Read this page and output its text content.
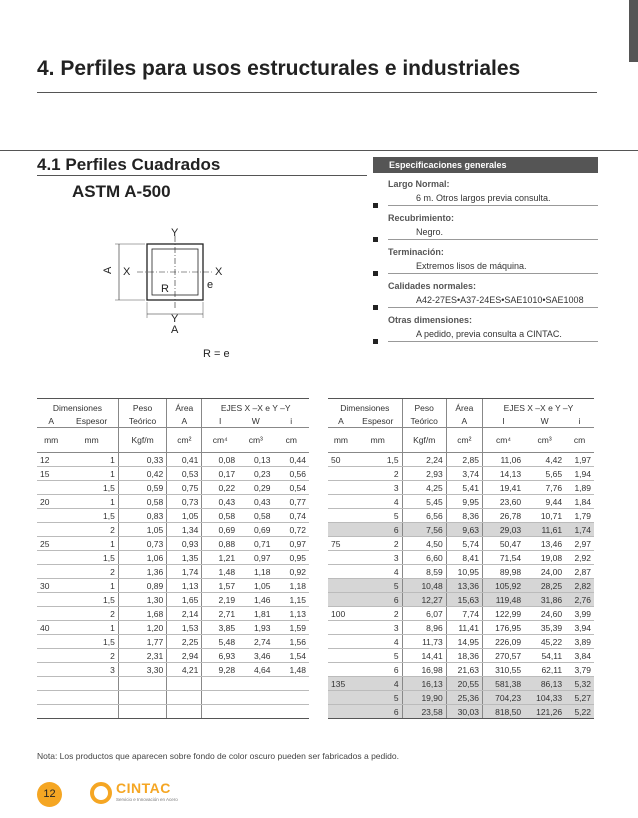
4. Perfiles para usos estructurales e industriales
4.1 Perfiles Cuadrados
ASTM A-500
Y
X	X
e
R
A
Y
A
R = e
Especificaciones generales
Largo Normal:
6 m. Otros largos previa consulta.
Recubrimiento:
Negro.
Terminación:
Extremos lisos de máquina.
Calidades normales:
A42-27ES•A37-24ES•SAE1010•SAE1008
Otras dimensiones:
A pedido, previa consulta a CINTAC.
Dimensiones		Peso	Área	EJES X –X e Y –Y		
A	Espesor	Teórico	A	I	W	i
mm	mm	Kgf/m	cm²	cm⁴	cm³	cm
12	1	0,33	0,41	0,08	0,13	0,44
15	1	0,42	0,53	0,17	0,23	0,56
	1,5	0,59	0,75	0,22	0,29	0,54
20	1	0,58	0,73	0,43	0,43	0,77
	1,5	0,83	1,05	0,58	0,58	0,74
	2	1,05	1,34	0,69	0,69	0,72
25	1	0,73	0,93	0,88	0,71	0,97
	1,5	1,06	1,35	1,21	0,97	0,95
	2	1,36	1,74	1,48	1,18	0,92
30	1	0,89	1,13	1,57	1,05	1,18
	1,5	1,30	1,65	2,19	1,46	1,15
	2	1,68	2,14	2,71	1,81	1,13
40	1	1,20	1,53	3,85	1,93	1,59
	1,5	1,77	2,25	5,48	2,74	1,56
	2	2,31	2,94	6,93	3,46	1,54
	3	3,30	4,21	9,28	4,64	1,48

Dimensiones		Peso	Área	EJES X –X e Y –Y		
A	Espesor	Teórico	A	I	W	i
mm	mm	Kgf/m	cm²	cm⁴	cm³	cm
50	1,5	2,24	2,85	11,06	4,42	1,97
	2	2,93	3,74	14,13	5,65	1,94
	3	4,25	5,41	19,41	7,76	1,89
	4	5,45	9,95	23,60	9,44	1,84
	5	6,56	8,36	26,78	10,71	1,79
	6	7,56	9,63	29,03	11,61	1,74
75	2	4,50	5,74	50,47	13,46	2,97
	3	6,60	8,41	71,54	19,08	2,92
	4	8,59	10,95	89,98	24,00	2,87
	5	10,48	13,36	105,92	28,25	2,82
	6	12,27	15,63	119,48	31,86	2,76
100	2	6,07	7,74	122,99	24,60	3,99
	3	8,96	11,41	176,95	35,39	3,94
	4	11,73	14,95	226,09	45,22	3,89
	5	14,41	18,36	270,57	54,11	3,84
	6	16,98	21,63	310,55	62,11	3,79
135	4	16,13	20,55	581,38	86,13	5,32
	5	19,90	25,36	704,23	104,33	5,27
	6	23,58	30,03	818,50	121,26	5,22
Nota: Los productos que aparecen sobre fondo de color oscuro pueden ser fabricados a pedido.
12	CINTAC
Servicio e Innovación en Acero
